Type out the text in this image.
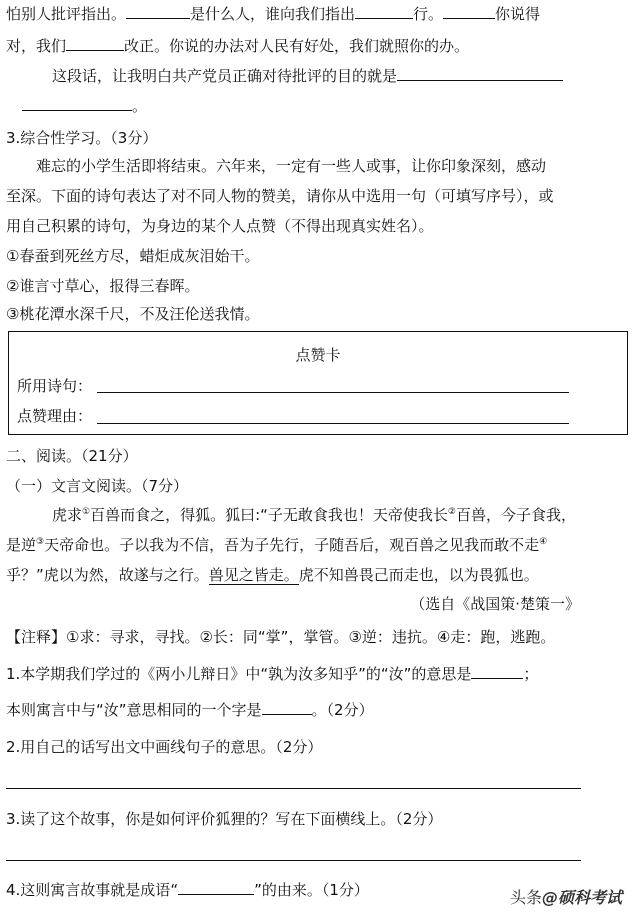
怕别人批评指出。	是什么人，谁向我们指出	行。	你说得
对，我们	改正。你说的办法对人民有好处，我们就照你的办。
这段话，让我明白共产党员正确对待批评的目的就是
。
3.综合性学习。（3分）
难忘的小学生活即将结束。六年来，一定有一些人或事，让你印象深刻，感动
至深。下面的诗句表达了对不同人物的赞美，请你从中选用一句（可填写序号），或
用自己积累的诗句，为身边的某个人点赞（不得出现真实姓名）。
①春蚕到死丝方尽，蜡炬成灰泪始干。
②谁言寸草心，报得三春晖。
③桃花潭水深千尺，不及汪伦送我情。
点赞卡
所用诗句：
点赞理由：
二、阅读。（21分）
（一）文言文阅读。（7分）
虎求①百兽而食之，得狐。狐曰:“子无敢食我也！天帝使我长②百兽，今子食我，
是逆③天帝命也。子以我为不信，吾为子先行，子随吾后，观百兽之见我而敢不走④
乎？”虎以为然，故遂与之行。兽见之皆走。虎不知兽畏己而走也，以为畏狐也。
（选自《战国策·楚策一》
【注释】①求：寻求，寻找。②长：同“掌”，掌管。③逆：违抗。④走：跑，逃跑。
1.本学期我们学过的《两小儿辩日》中“孰为汝多知乎”的“汝”的意思是	；
本则寓言中与“汝”意思相同的一个字是	。（2分）
2.用自己的话写出文中画线句子的意思。（2分）
3.读了这个故事，你是如何评价狐狸的？写在下面横线上。（2分）
4.这则寓言故事就是成语“	”的由来。（1分）	头条@硕科考试
